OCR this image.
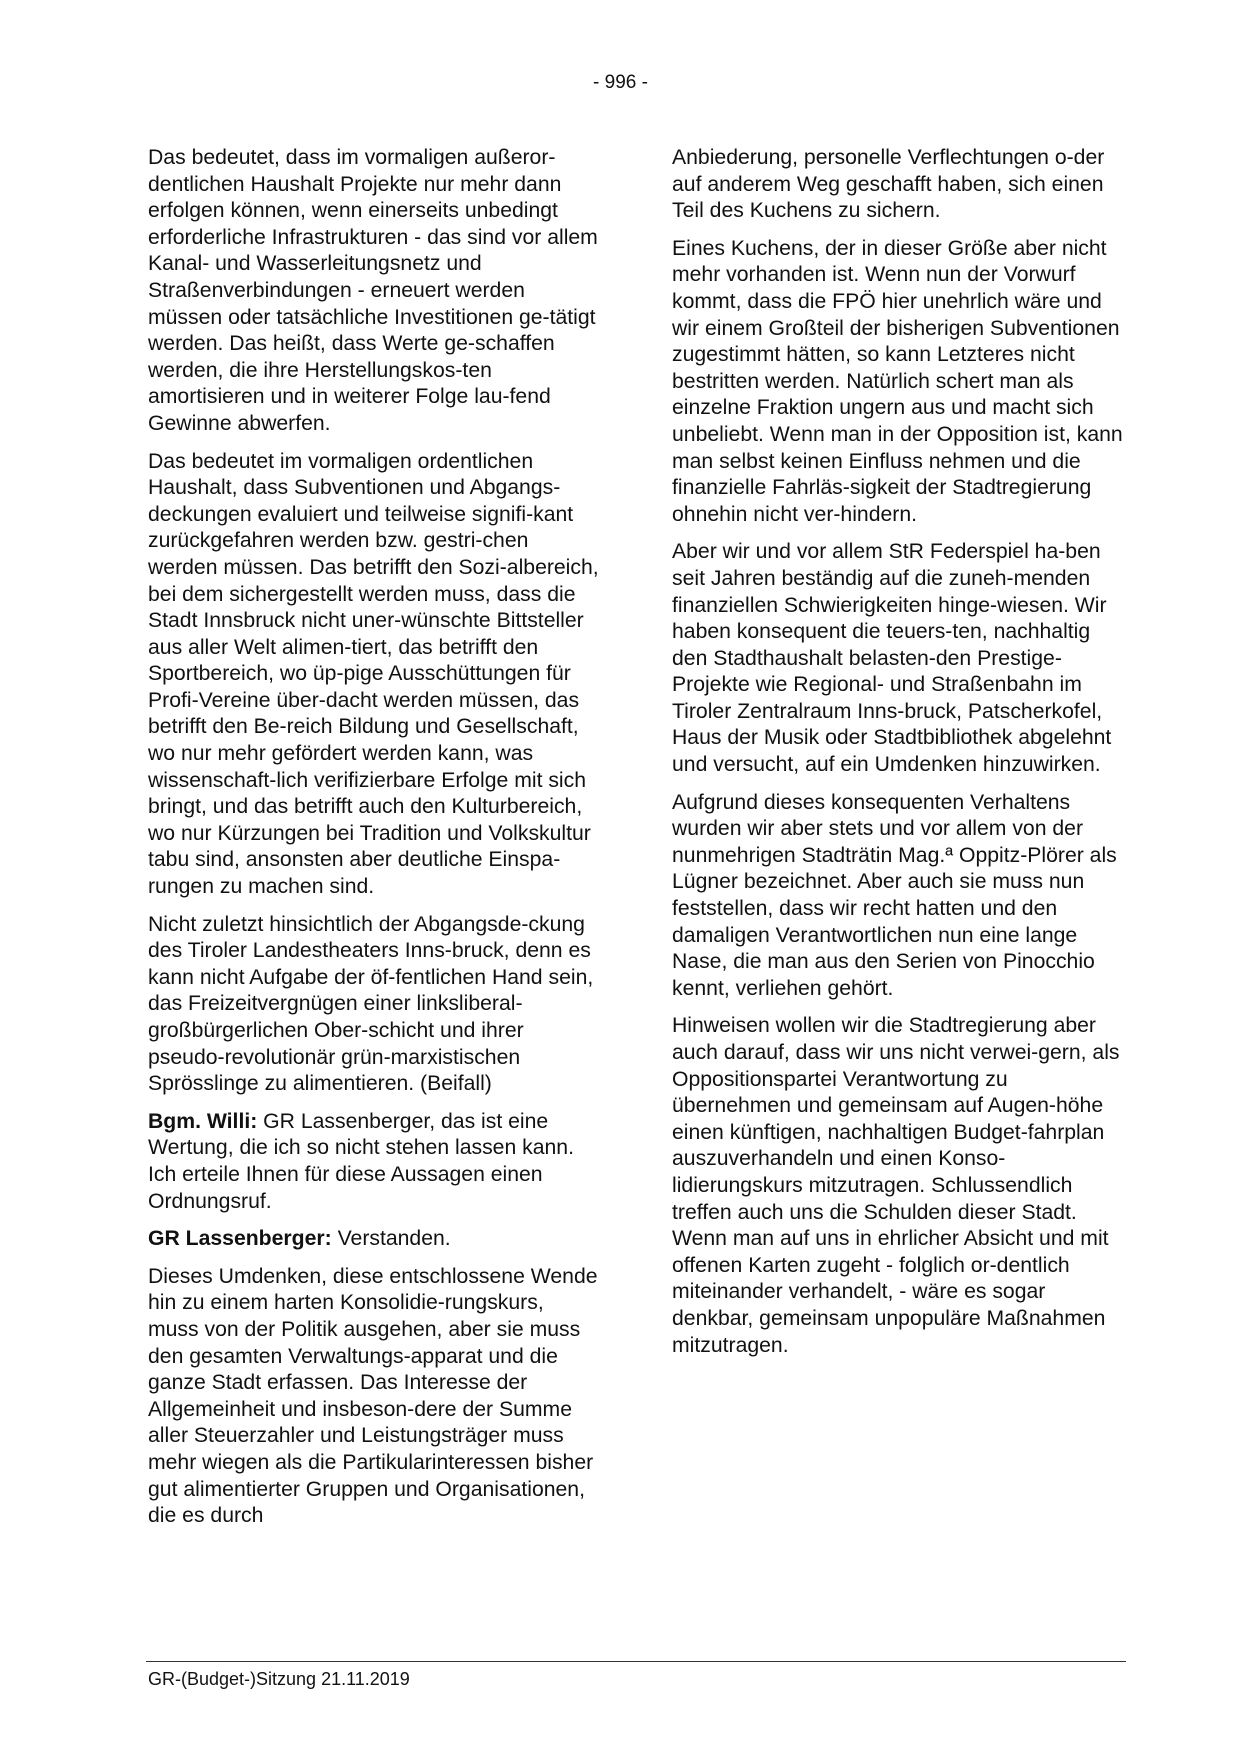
- 996 -

Das bedeutet, dass im vormaligen außeror-dentlichen Haushalt Projekte nur mehr dann erfolgen können, wenn einerseits unbedingt erforderliche Infrastrukturen - das sind vor allem Kanal- und Wasserleitungsnetz und Straßenverbindungen - erneuert werden müssen oder tatsächliche Investitionen ge-tätigt werden. Das heißt, dass Werte ge-schaffen werden, die ihre Herstellungskos-ten amortisieren und in weiterer Folge lau-fend Gewinne abwerfen.

Das bedeutet im vormaligen ordentlichen Haushalt, dass Subventionen und Abgangs-deckungen evaluiert und teilweise signifi-kant zurückgefahren werden bzw. gestri-chen werden müssen. Das betrifft den Sozi-albereich, bei dem sichergestellt werden muss, dass die Stadt Innsbruck nicht uner-wünschte Bittsteller aus aller Welt alimen-tiert, das betrifft den Sportbereich, wo üp-pige Ausschüttungen für Profi-Vereine über-dacht werden müssen, das betrifft den Be-reich Bildung und Gesellschaft, wo nur mehr gefördert werden kann, was wissenschaft-lich verifizierbare Erfolge mit sich bringt, und das betrifft auch den Kulturbereich, wo nur Kürzungen bei Tradition und Volkskultur tabu sind, ansonsten aber deutliche Einspa-rungen zu machen sind.

Nicht zuletzt hinsichtlich der Abgangsde-ckung des Tiroler Landestheaters Inns-bruck, denn es kann nicht Aufgabe der öf-fentlichen Hand sein, das Freizeitvergnügen einer linksliberal-großbürgerlichen Ober-schicht und ihrer pseudo-revolutionär grün-marxistischen Sprösslinge zu alimentieren. (Beifall)

Bgm. Willi: GR Lassenberger, das ist eine Wertung, die ich so nicht stehen lassen kann. Ich erteile Ihnen für diese Aussagen einen Ordnungsruf.

GR Lassenberger: Verstanden.

Dieses Umdenken, diese entschlossene Wende hin zu einem harten Konsolidie-rungskurs, muss von der Politik ausgehen, aber sie muss den gesamten Verwaltungs-apparat und die ganze Stadt erfassen. Das Interesse der Allgemeinheit und insbeson-dere der Summe aller Steuerzahler und Leistungsträger muss mehr wiegen als die Partikularinteressen bisher gut alimentierter Gruppen und Organisationen, die es durch

Anbiederung, personelle Verflechtungen o-der auf anderem Weg geschafft haben, sich einen Teil des Kuchens zu sichern.

Eines Kuchens, der in dieser Größe aber nicht mehr vorhanden ist. Wenn nun der Vorwurf kommt, dass die FPÖ hier unehrlich wäre und wir einem Großteil der bisherigen Subventionen zugestimmt hätten, so kann Letzteres nicht bestritten werden. Natürlich schert man als einzelne Fraktion ungern aus und macht sich unbeliebt. Wenn man in der Opposition ist, kann man selbst keinen Einfluss nehmen und die finanzielle Fahrläs-sigkeit der Stadtregierung ohnehin nicht ver-hindern.

Aber wir und vor allem StR Federspiel ha-ben seit Jahren beständig auf die zuneh-menden finanziellen Schwierigkeiten hinge-wiesen. Wir haben konsequent die teuers-ten, nachhaltig den Stadthaushalt belasten-den Prestige-Projekte wie Regional- und Straßenbahn im Tiroler Zentralraum Inns-bruck, Patscherkofel, Haus der Musik oder Stadtbibliothek abgelehnt und versucht, auf ein Umdenken hinzuwirken.

Aufgrund dieses konsequenten Verhaltens wurden wir aber stets und vor allem von der nunmehrigen Stadträtin Mag.ª Oppitz-Plörer als Lügner bezeichnet. Aber auch sie muss nun feststellen, dass wir recht hatten und den damaligen Verantwortlichen nun eine lange Nase, die man aus den Serien von Pinocchio kennt, verliehen gehört.

Hinweisen wollen wir die Stadtregierung aber auch darauf, dass wir uns nicht verwei-gern, als Oppositionspartei Verantwortung zu übernehmen und gemeinsam auf Augen-höhe einen künftigen, nachhaltigen Budget-fahrplan auszuverhandeln und einen Konso-lidierungskurs mitzutragen. Schlussendlich treffen auch uns die Schulden dieser Stadt. Wenn man auf uns in ehrlicher Absicht und mit offenen Karten zugeht - folglich or-dentlich miteinander verhandelt, - wäre es sogar denkbar, gemeinsam unpopuläre Maßnahmen mitzutragen.

GR-(Budget-)Sitzung 21.11.2019
